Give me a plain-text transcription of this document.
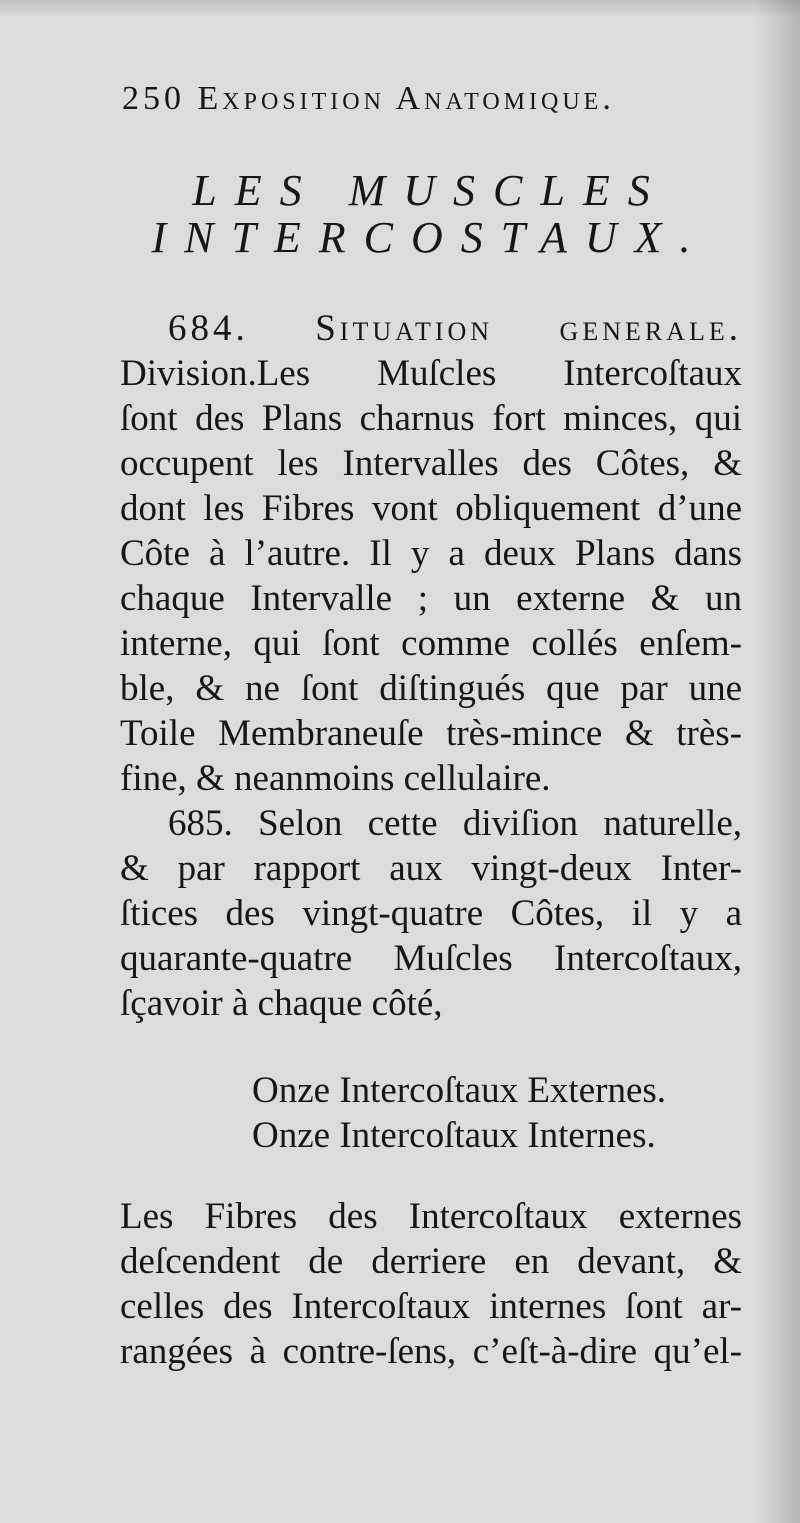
250 Exposition Anatomique.
LES MUSCLES
INTERCOSTAUX.
684. Situation generale.
Division.Les Muſcles Intercoſtaux
ſont des Plans charnus fort minces, qui
occupent les Intervalles des Côtes, &
dont les Fibres vont obliquement d’une
Côte à l’autre. Il y a deux Plans dans
chaque Intervalle ; un externe & un
interne, qui ſont comme collés enſem-
ble, & ne ſont diſtingués que par une
Toile Membraneuſe très-mince & très-
fine, & neanmoins cellulaire.
685. Selon cette diviſion naturelle,
& par rapport aux vingt-deux Inter-
ſtices des vingt-quatre Côtes, il y a
quarante-quatre Muſcles Intercoſtaux,
ſçavoir à chaque côté,
Onze Intercoſtaux Externes.
Onze Intercoſtaux Internes.
Les Fibres des Intercoſtaux externes
deſcendent de derriere en devant, &
celles des Intercoſtaux internes ſont ar-
rangées à contre-ſens, c’eſt-à-dire qu’el-
